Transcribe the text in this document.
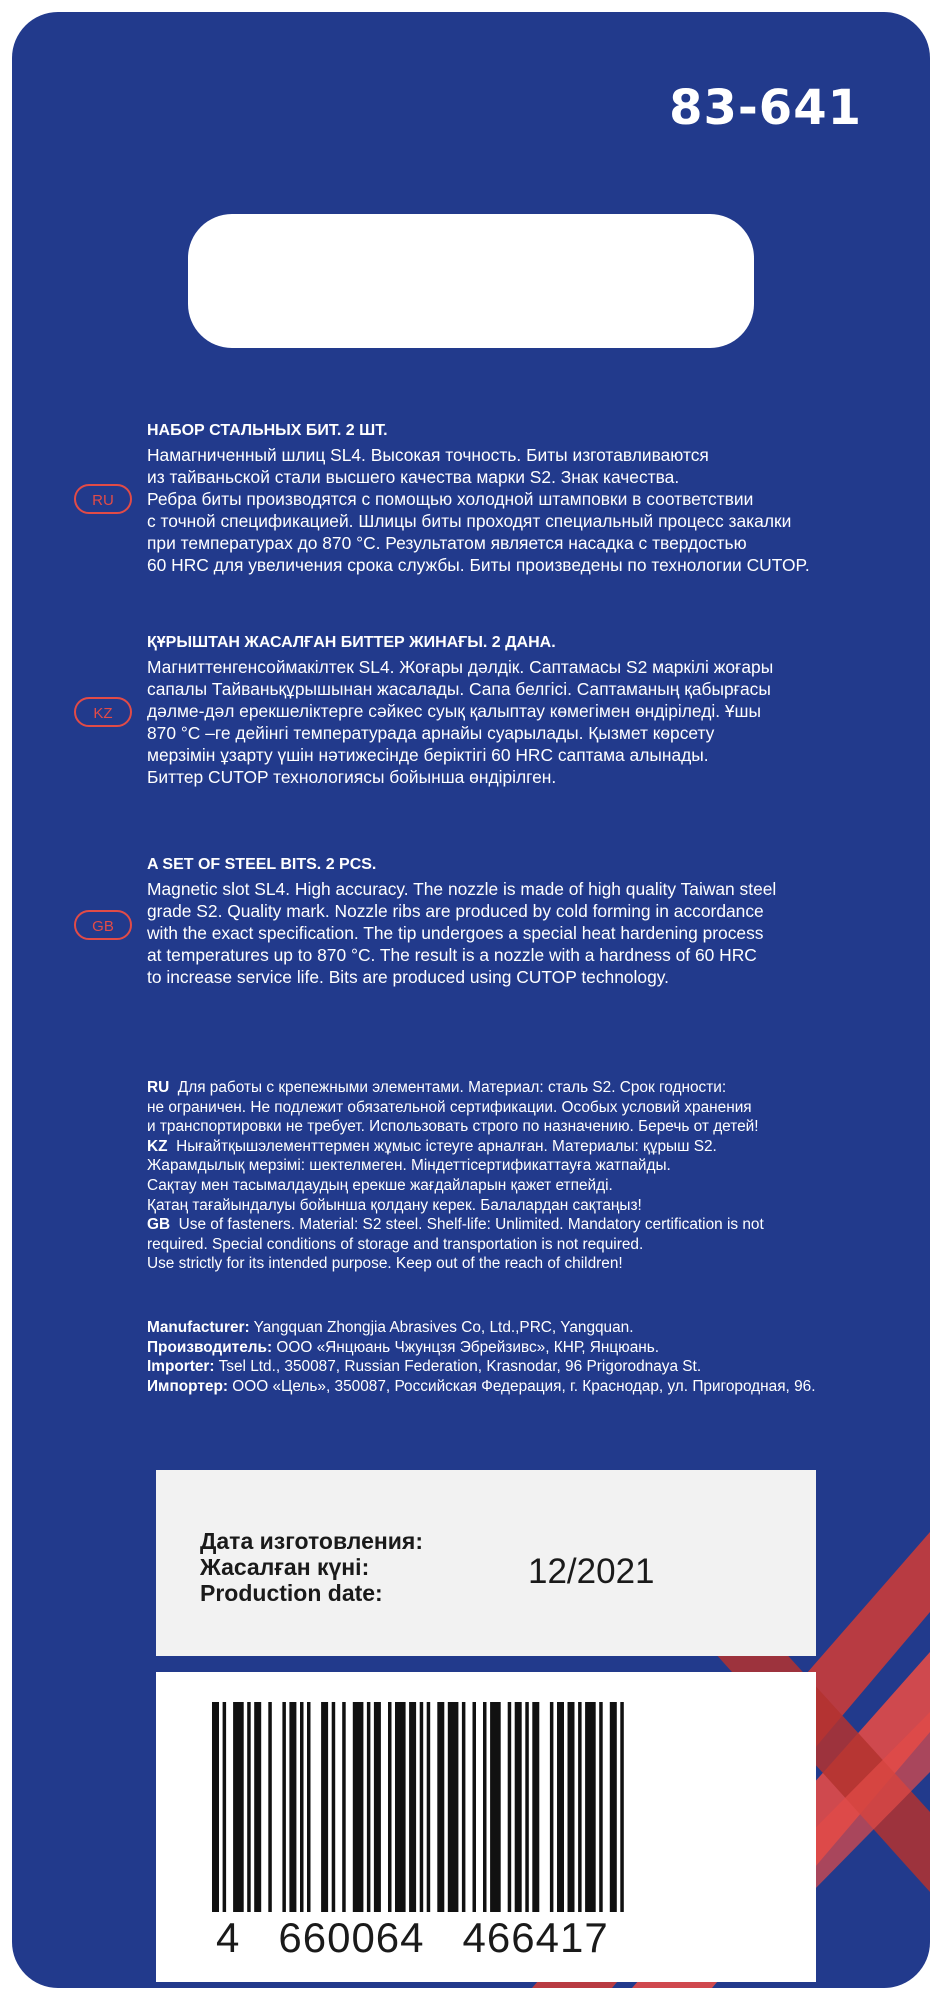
83-641
RU
НАБОР СТАЛЬНЫХ БИТ. 2 ШТ.
Намагниченный шлиц SL4. Высокая точность. Биты изготавливаются
из тайваньской стали высшего качества марки S2. Знак качества.
Ребра биты производятся с помощью холодной штамповки в соответствии
с точной спецификацией. Шлицы биты проходят специальный процесс закалки
при температурах до 870 °С. Результатом является насадка с твердостью
60 HRC для увеличения срока службы. Биты произведены по технологии CUTOP.
KZ
ҚҰРЫШТАН ЖАСАЛҒАН БИТТЕР ЖИНАҒЫ. 2 ДАНА.
Магниттенгенсоймакілтек SL4. Жоғары дәлдік. Саптамасы S2 маркілі жоғары
сапалы Тайваньқұрышынан жасалады. Сапа белгісі. Саптаманың қабырғасы
дәлме-дәл ерекшеліктерге сәйкес суық қалыптау көмегімен өндіріледі. Ұшы
870 °С –ге дейінгі температурада арнайы суарылады. Қызмет көрсету
мерзімін ұзарту үшін нәтижесінде беріктігі 60 HRC саптама алынады.
Биттер CUTOP технологиясы бойынша өндірілген.
GB
A SET OF STEEL BITS. 2 PCS.
Magnetic slot SL4. High accuracy. The nozzle is made of high quality Taiwan steel
grade S2. Quality mark. Nozzle ribs are produced by cold forming in accordance
with the exact specification. The tip undergoes a special heat hardening process
at temperatures up to 870 °C. The result is a nozzle with a hardness of 60 HRC
to increase service life. Bits are produced using CUTOP technology.
RU Для работы с крепежными элементами. Материал: сталь S2. Срок годности:
не ограничен. Не подлежит обязательной сертификации. Особых условий хранения
и транспортировки не требует. Использовать строго по назначению. Беречь от детей!
KZ Нығайтқышэлементтермен жұмыс істеуге арналған. Материалы: құрыш S2.
Жарамдылық мерзімі: шектелмеген. Міндеттісертификаттауға жатпайды.
Сақтау мен тасымалдаудың ерекше жағдайларын қажет етпейді.
Қатаң тағайындалуы бойынша қолдану керек. Балалардан сақтаңыз!
GB Use of fasteners. Material: S2 steel. Shelf-life: Unlimited. Mandatory certification is not
required. Special conditions of storage and transportation is not required.
Use strictly for its intended purpose. Keep out of the reach of children!
Manufacturer: Yangquan Zhongjia Abrasives Co, Ltd.,PRC, Yangquan.
Производитель: ООО «Янцюань Чжунцзя Эбрейзивс», КНР, Янцюань.
Importer: Tsel Ltd., 350087, Russian Federation, Krasnodar, 96 Prigorodnaya St.
Импортер: ООО «Цель», 350087, Российская Федерация, г. Краснодар, ул. Пригородная, 96.
Дата изготовления:
Жасалған күні:
Production date:
12/2021
4   660064   466417
